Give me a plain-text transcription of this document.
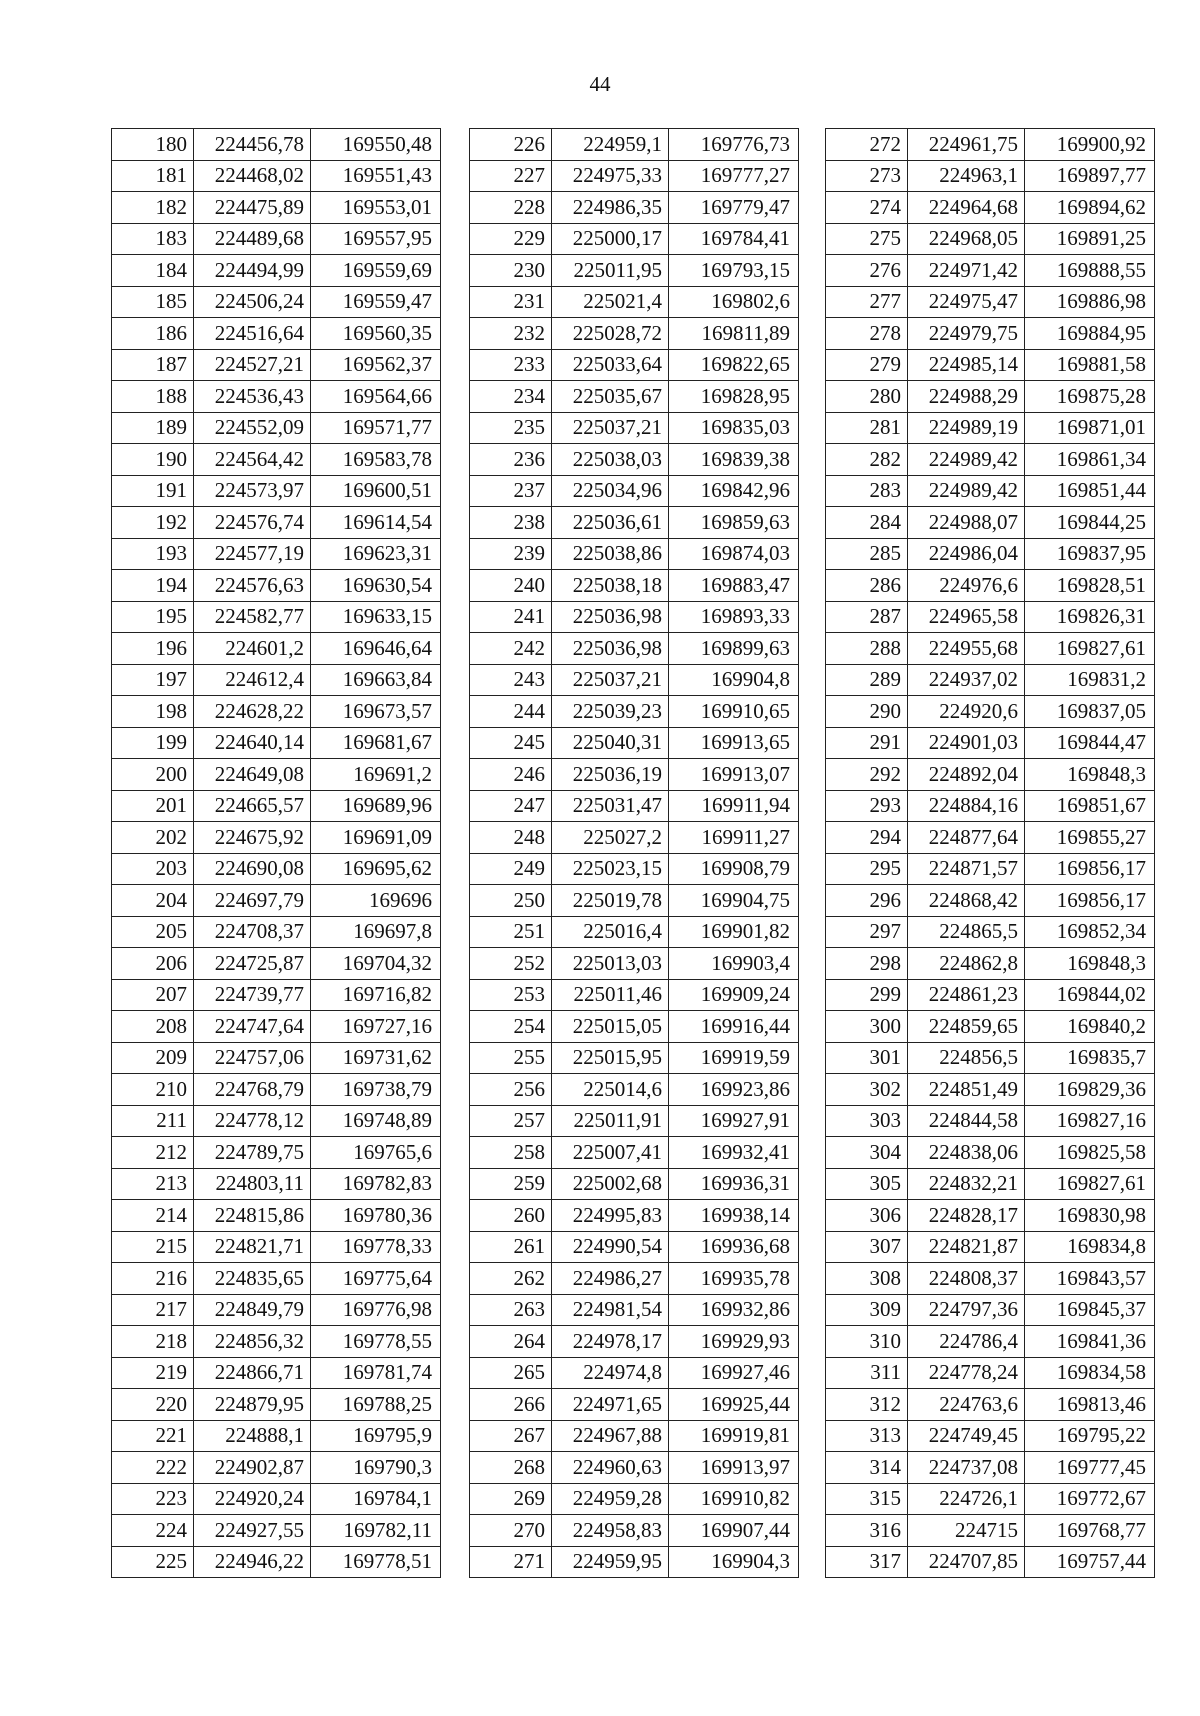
44
180	224456,78	169550,48
181	224468,02	169551,43
182	224475,89	169553,01
183	224489,68	169557,95
184	224494,99	169559,69
185	224506,24	169559,47
186	224516,64	169560,35
187	224527,21	169562,37
188	224536,43	169564,66
189	224552,09	169571,77
190	224564,42	169583,78
191	224573,97	169600,51
192	224576,74	169614,54
193	224577,19	169623,31
194	224576,63	169630,54
195	224582,77	169633,15
196	224601,2	169646,64
197	224612,4	169663,84
198	224628,22	169673,57
199	224640,14	169681,67
200	224649,08	169691,2
201	224665,57	169689,96
202	224675,92	169691,09
203	224690,08	169695,62
204	224697,79	169696
205	224708,37	169697,8
206	224725,87	169704,32
207	224739,77	169716,82
208	224747,64	169727,16
209	224757,06	169731,62
210	224768,79	169738,79
211	224778,12	169748,89
212	224789,75	169765,6
213	224803,11	169782,83
214	224815,86	169780,36
215	224821,71	169778,33
216	224835,65	169775,64
217	224849,79	169776,98
218	224856,32	169778,55
219	224866,71	169781,74
220	224879,95	169788,25
221	224888,1	169795,9
222	224902,87	169790,3
223	224920,24	169784,1
224	224927,55	169782,11
225	224946,22	169778,51
226	224959,1	169776,73
227	224975,33	169777,27
228	224986,35	169779,47
229	225000,17	169784,41
230	225011,95	169793,15
231	225021,4	169802,6
232	225028,72	169811,89
233	225033,64	169822,65
234	225035,67	169828,95
235	225037,21	169835,03
236	225038,03	169839,38
237	225034,96	169842,96
238	225036,61	169859,63
239	225038,86	169874,03
240	225038,18	169883,47
241	225036,98	169893,33
242	225036,98	169899,63
243	225037,21	169904,8
244	225039,23	169910,65
245	225040,31	169913,65
246	225036,19	169913,07
247	225031,47	169911,94
248	225027,2	169911,27
249	225023,15	169908,79
250	225019,78	169904,75
251	225016,4	169901,82
252	225013,03	169903,4
253	225011,46	169909,24
254	225015,05	169916,44
255	225015,95	169919,59
256	225014,6	169923,86
257	225011,91	169927,91
258	225007,41	169932,41
259	225002,68	169936,31
260	224995,83	169938,14
261	224990,54	169936,68
262	224986,27	169935,78
263	224981,54	169932,86
264	224978,17	169929,93
265	224974,8	169927,46
266	224971,65	169925,44
267	224967,88	169919,81
268	224960,63	169913,97
269	224959,28	169910,82
270	224958,83	169907,44
271	224959,95	169904,3
272	224961,75	169900,92
273	224963,1	169897,77
274	224964,68	169894,62
275	224968,05	169891,25
276	224971,42	169888,55
277	224975,47	169886,98
278	224979,75	169884,95
279	224985,14	169881,58
280	224988,29	169875,28
281	224989,19	169871,01
282	224989,42	169861,34
283	224989,42	169851,44
284	224988,07	169844,25
285	224986,04	169837,95
286	224976,6	169828,51
287	224965,58	169826,31
288	224955,68	169827,61
289	224937,02	169831,2
290	224920,6	169837,05
291	224901,03	169844,47
292	224892,04	169848,3
293	224884,16	169851,67
294	224877,64	169855,27
295	224871,57	169856,17
296	224868,42	169856,17
297	224865,5	169852,34
298	224862,8	169848,3
299	224861,23	169844,02
300	224859,65	169840,2
301	224856,5	169835,7
302	224851,49	169829,36
303	224844,58	169827,16
304	224838,06	169825,58
305	224832,21	169827,61
306	224828,17	169830,98
307	224821,87	169834,8
308	224808,37	169843,57
309	224797,36	169845,37
310	224786,4	169841,36
311	224778,24	169834,58
312	224763,6	169813,46
313	224749,45	169795,22
314	224737,08	169777,45
315	224726,1	169772,67
316	224715	169768,77
317	224707,85	169757,44
